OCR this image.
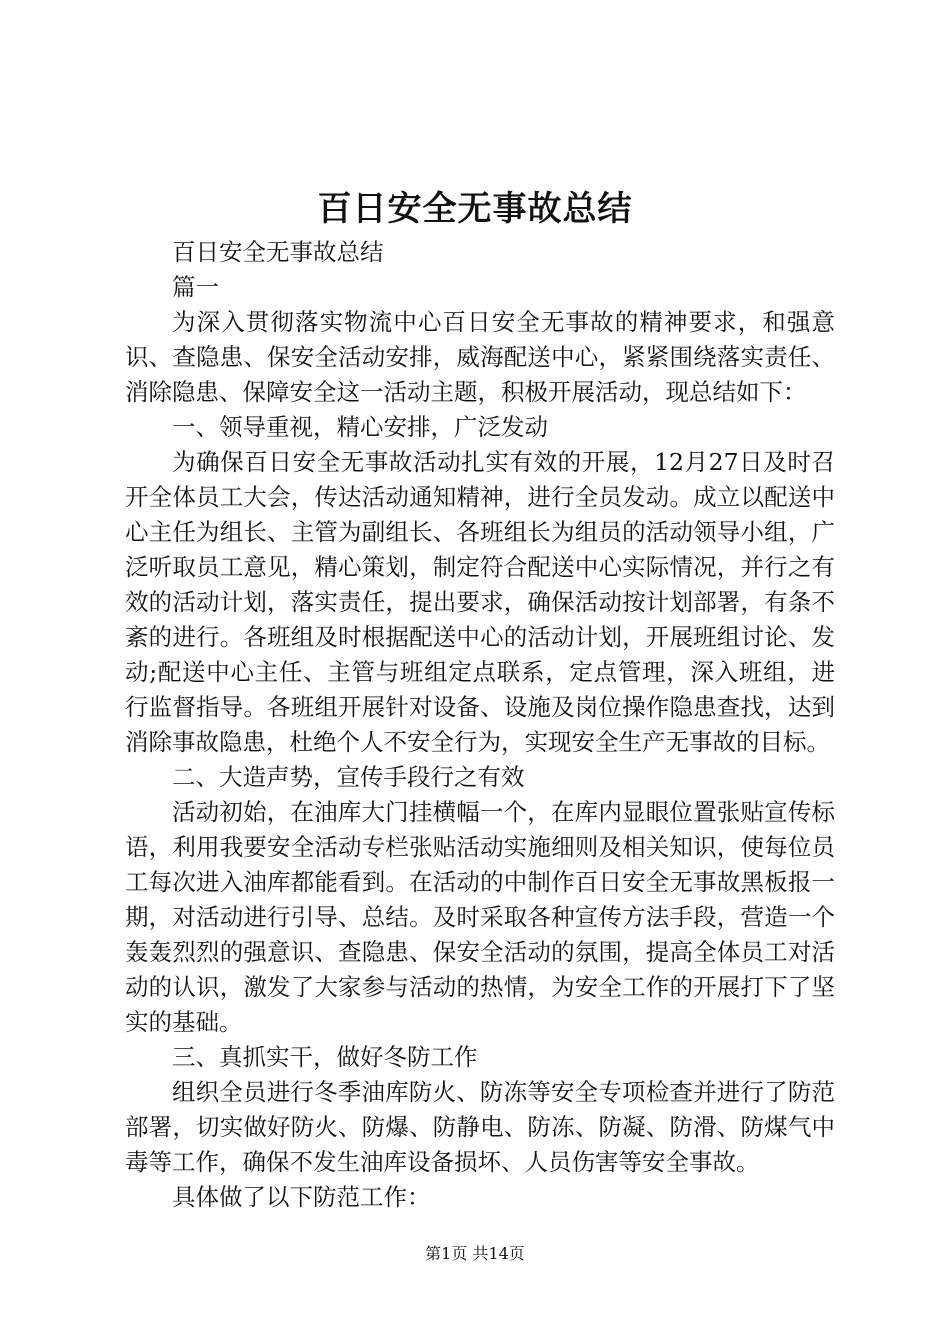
百日安全无事故总结

百日安全无事故总结

篇一

为深入贯彻落实物流中心百日安全无事故的精神要求，和强意识、查隐患、保安全活动安排，威海配送中心，紧紧围绕落实责任、消除隐患、保障安全这一活动主题，积极开展活动，现总结如下：

一、领导重视，精心安排，广泛发动

为确保百日安全无事故活动扎实有效的开展，12月27日及时召开全体员工大会，传达活动通知精神，进行全员发动。成立以配送中心主任为组长、主管为副组长、各班组长为组员的活动领导小组，广泛听取员工意见，精心策划，制定符合配送中心实际情况，并行之有效的活动计划，落实责任，提出要求，确保活动按计划部署，有条不紊的进行。各班组及时根据配送中心的活动计划，开展班组讨论、发动;配送中心主任、主管与班组定点联系，定点管理，深入班组，进行监督指导。各班组开展针对设备、设施及岗位操作隐患查找，达到消除事故隐患，杜绝个人不安全行为，实现安全生产无事故的目标。

二、大造声势，宣传手段行之有效

活动初始，在油库大门挂横幅一个，在库内显眼位置张贴宣传标语，利用我要安全活动专栏张贴活动实施细则及相关知识，使每位员工每次进入油库都能看到。在活动的中制作百日安全无事故黑板报一期，对活动进行引导、总结。及时采取各种宣传方法手段，营造一个轰轰烈烈的强意识、查隐患、保安全活动的氛围，提高全体员工对活动的认识，激发了大家参与活动的热情，为安全工作的开展打下了坚实的基础。

三、真抓实干，做好冬防工作

组织全员进行冬季油库防火、防冻等安全专项检查并进行了防范部署，切实做好防火、防爆、防静电、防冻、防凝、防滑、防煤气中毒等工作，确保不发生油库设备损坏、人员伤害等安全事故。

具体做了以下防范工作：

第1页 共14页
